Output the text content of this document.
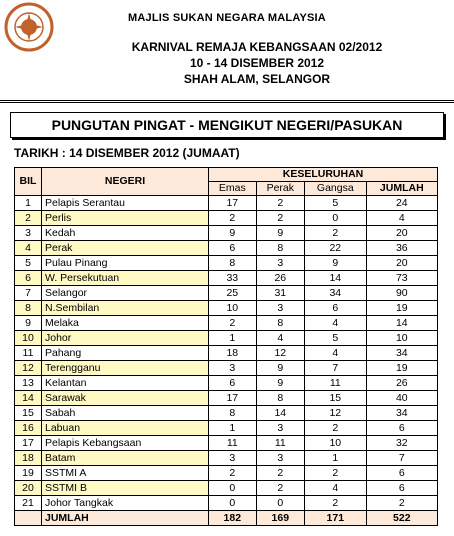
MAJLIS SUKAN NEGARA MALAYSIA
KARNIVAL REMAJA KEBANGSAAN 02/2012
10 - 14 DISEMBER 2012
SHAH ALAM, SELANGOR
PUNGUTAN PINGAT - MENGIKUT NEGERI/PASUKAN
TARIKH : 14 DISEMBER 2012 (JUMAAT)
BIL	NEGERI	KESELURUHAN			
		Emas	Perak	Gangsa	JUMLAH
1	Pelapis Serantau	17	2	5	24
2	Perlis	2	2	0	4
3	Kedah	9	9	2	20
4	Perak	6	8	22	36
5	Pulau Pinang	8	3	9	20
6	W. Persekutuan	33	26	14	73
7	Selangor	25	31	34	90
8	N.Sembilan	10	3	6	19
9	Melaka	2	8	4	14
10	Johor	1	4	5	10
11	Pahang	18	12	4	34
12	Terengganu	3	9	7	19
13	Kelantan	6	9	11	26
14	Sarawak	17	8	15	40
15	Sabah	8	14	12	34
16	Labuan	1	3	2	6
17	Pelapis Kebangsaan	11	11	10	32
18	Batam	3	3	1	7
19	SSTMI A	2	2	2	6
20	SSTMI B	0	2	4	6
21	Johor Tangkak	0	0	2	2
	JUMLAH	182	169	171	522
